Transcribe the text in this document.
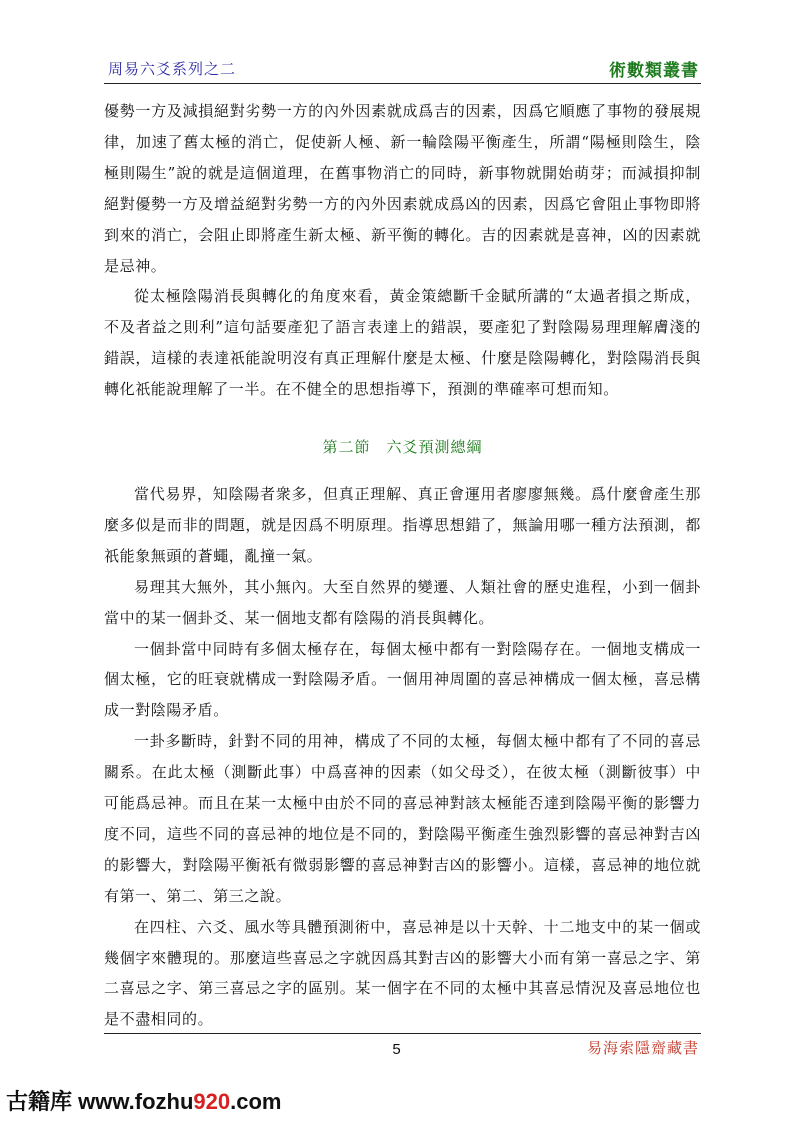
周易六爻系列之二	術數類叢書

優勢一方及減損絕對劣勢一方的內外因素就成爲吉的因素，因爲它順應了事物的發展規律，加速了舊太極的消亡，促使新人極、新一輪陰陽平衡產生，所謂“陽極則陰生，陰極則陽生”說的就是這個道理，在舊事物消亡的同時，新事物就開始萌芽；而減損抑制絕對優勢一方及增益絕對劣勢一方的內外因素就成爲凶的因素，因爲它會阻止事物即將到來的消亡，会阻止即將產生新太極、新平衡的轉化。吉的因素就是喜神，凶的因素就是忌神。

從太極陰陽消長與轉化的角度來看，黃金策總斷千金賦所講的“太過者損之斯成，不及者益之則利”這句話要產犯了語言表達上的錯誤，要產犯了對陰陽易理理解膚淺的錯誤，這樣的表達祇能說明沒有真正理解什麼是太極、什麼是陰陽轉化，對陰陽消長與轉化祇能說理解了一半。在不健全的思想指導下，預測的準確率可想而知。

第二節　六爻預測總綱

當代易界，知陰陽者衆多，但真正理解、真正會運用者廖廖無幾。爲什麼會產生那麼多似是而非的問題，就是因爲不明原理。指導思想錯了，無論用哪一種方法預測，都祇能象無頭的蒼蠅，亂撞一氣。

易理其大無外，其小無內。大至自然界的變遷、人類社會的歷史進程，小到一個卦當中的某一個卦爻、某一個地支都有陰陽的消長與轉化。

一個卦當中同時有多個太極存在，每個太極中都有一對陰陽存在。一個地支構成一個太極，它的旺衰就構成一對陰陽矛盾。一個用神周圍的喜忌神構成一個太極，喜忌構成一對陰陽矛盾。

一卦多斷時，針對不同的用神，構成了不同的太極，每個太極中都有了不同的喜忌關系。在此太極（測斷此事）中爲喜神的因素（如父母爻），在彼太極（測斷彼事）中可能爲忌神。而且在某一太極中由於不同的喜忌神對該太極能否達到陰陽平衡的影響力度不同，這些不同的喜忌神的地位是不同的，對陰陽平衡產生強烈影響的喜忌神對吉凶的影響大，對陰陽平衡祇有微弱影響的喜忌神對吉凶的影響小。這樣，喜忌神的地位就有第一、第二、第三之說。

在四柱、六爻、風水等具體預測術中，喜忌神是以十天幹、十二地支中的某一個或幾個字來體現的。那麼這些喜忌之字就因爲其對吉凶的影響大小而有第一喜忌之字、第二喜忌之字、第三喜忌之字的區别。某一個字在不同的太極中其喜忌情況及喜忌地位也是不盡相同的。

5	易海索隱齋藏書
古籍库 www.fozhu920.com
